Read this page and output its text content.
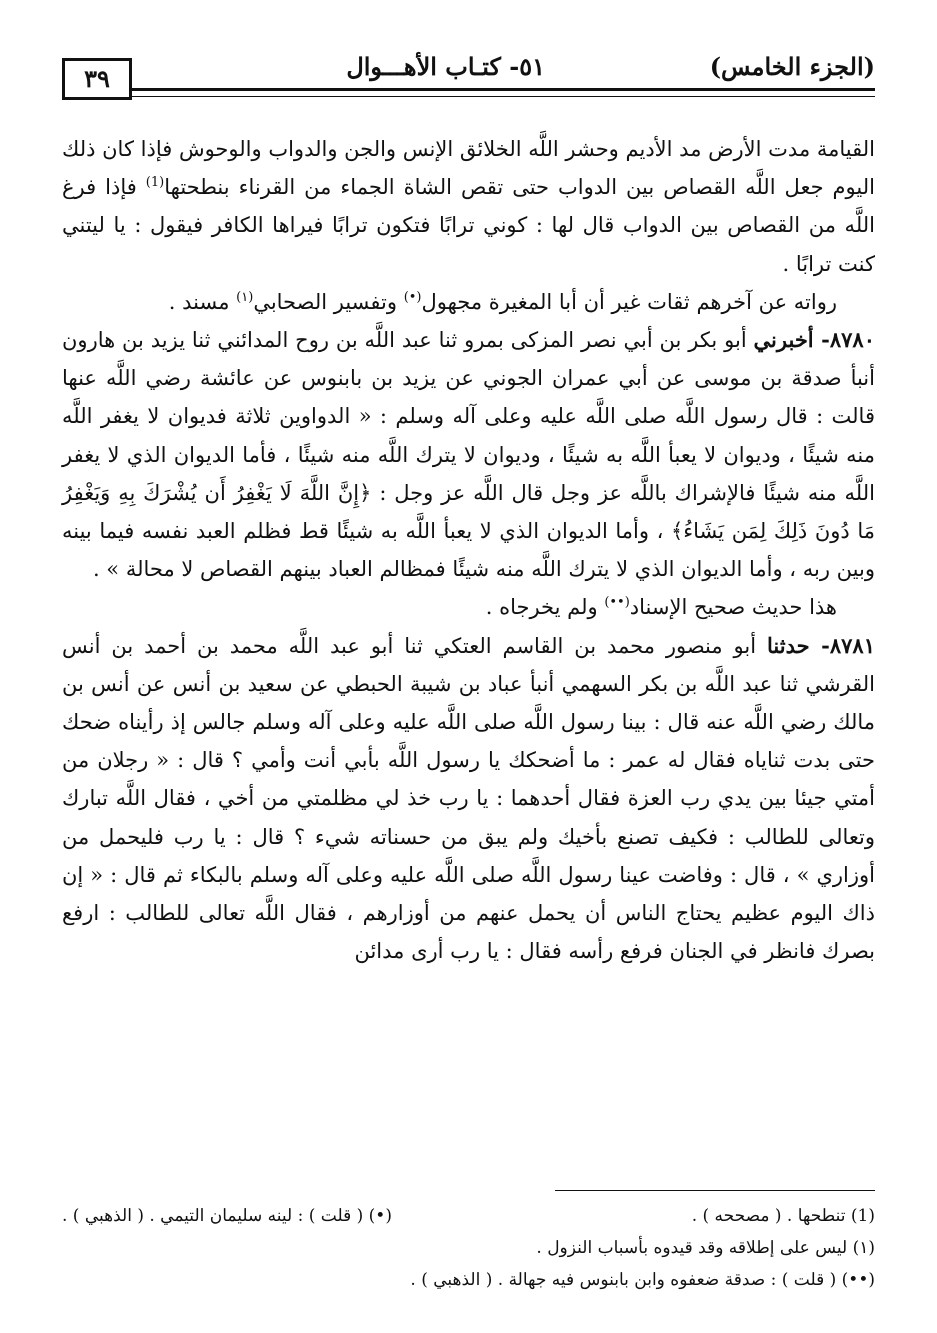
(الجزء الخامس)
٥١- كتـاب الأهـــوال
٣٩

القيامة مدت الأرض مد الأديم وحشر اللَّه الخلائق الإنس والجن والدواب والوحوش فإذا كان ذلك اليوم جعل اللَّه القصاص بين الدواب حتى تقص الشاة الجماء من القرناء بنطحتها$^{(1)}$ فإذا فرغ اللَّه من القصاص بين الدواب قال لها : كوني ترابًا فتكون ترابًا فيراها الكافر فيقول : يا ليتني كنت ترابًا .

رواته عن آخرهم ثقات غير أن أبا المغيرة مجهول(•) وتفسير الصحابي$^{(١)}$ مسند .

٨٧٨٠- أخبرني أبو بكر بن أبي نصر المزكى بمرو ثنا عبد اللَّه بن روح المدائني ثنا يزيد بن هارون أنبأ صدقة بن موسى عن أبي عمران الجوني عن يزيد بن بابنوس عن عائشة رضي اللَّه عنها قالت : قال رسول اللَّه صلى اللَّه عليه وعلى آله وسلم : « الدواوين ثلاثة فديوان لا يغفر اللَّه منه شيئًا ، وديوان لا يعبأ اللَّه به شيئًا ، وديوان لا يترك اللَّه منه شيئًا ، فأما الديوان الذي لا يغفر اللَّه منه شيئًا فالإشراك باللَّه عز وجل قال اللَّه عز وجل : ﴿إِنَّ اللَّهَ لَا يَغْفِرُ أَن يُشْرَكَ بِهِ وَيَغْفِرُ مَا دُونَ ذَلِكَ لِمَن يَشَاءُ﴾ ، وأما الديوان الذي لا يعبأ اللَّه به شيئًا قط فظلم العبد نفسه فيما بينه وبين ربه ، وأما الديوان الذي لا يترك اللَّه منه شيئًا فمظالم العباد بينهم القصاص لا محالة » .

هذا حديث صحيح الإسناد(••) ولم يخرجاه .

٨٧٨١- حدثنا أبو منصور محمد بن القاسم العتكي ثنا أبو عبد اللَّه محمد بن أحمد بن أنس القرشي ثنا عبد اللَّه بن بكر السهمي أنبأ عباد بن شيبة الحبطي عن سعيد بن أنس عن أنس بن مالك رضي اللَّه عنه قال : بينا رسول اللَّه صلى اللَّه عليه وعلى آله وسلم جالس إذ رأيناه ضحك حتى بدت ثناياه فقال له عمر : ما أضحكك يا رسول اللَّه بأبي أنت وأمي ؟ قال : « رجلان من أمتي جيئا بين يدي رب العزة فقال أحدهما : يا رب خذ لي مظلمتي من أخي ، فقال اللَّه تبارك وتعالى للطالب : فكيف تصنع بأخيك ولم يبق من حسناته شيء ؟ قال : يا رب فليحمل من أوزاري » ، قال : وفاضت عينا رسول اللَّه صلى اللَّه عليه وعلى آله وسلم بالبكاء ثم قال : « إن ذاك اليوم عظيم يحتاج الناس أن يحمل عنهم من أوزارهم ، فقال اللَّه تعالى للطالب : ارفع بصرك فانظر في الجنان فرفع رأسه فقال : يا رب أرى مدائن

(1) تنطحها . ( مصححه ) .
(•) ( قلت ) : لينه سليمان التيمي . ( الذهبي ) .
(١) ليس على إطلاقه وقد قيدوه بأسباب النزول .
(••) ( قلت ) : صدقة ضعفوه وابن بابنوس فيه جهالة . ( الذهبي ) .
